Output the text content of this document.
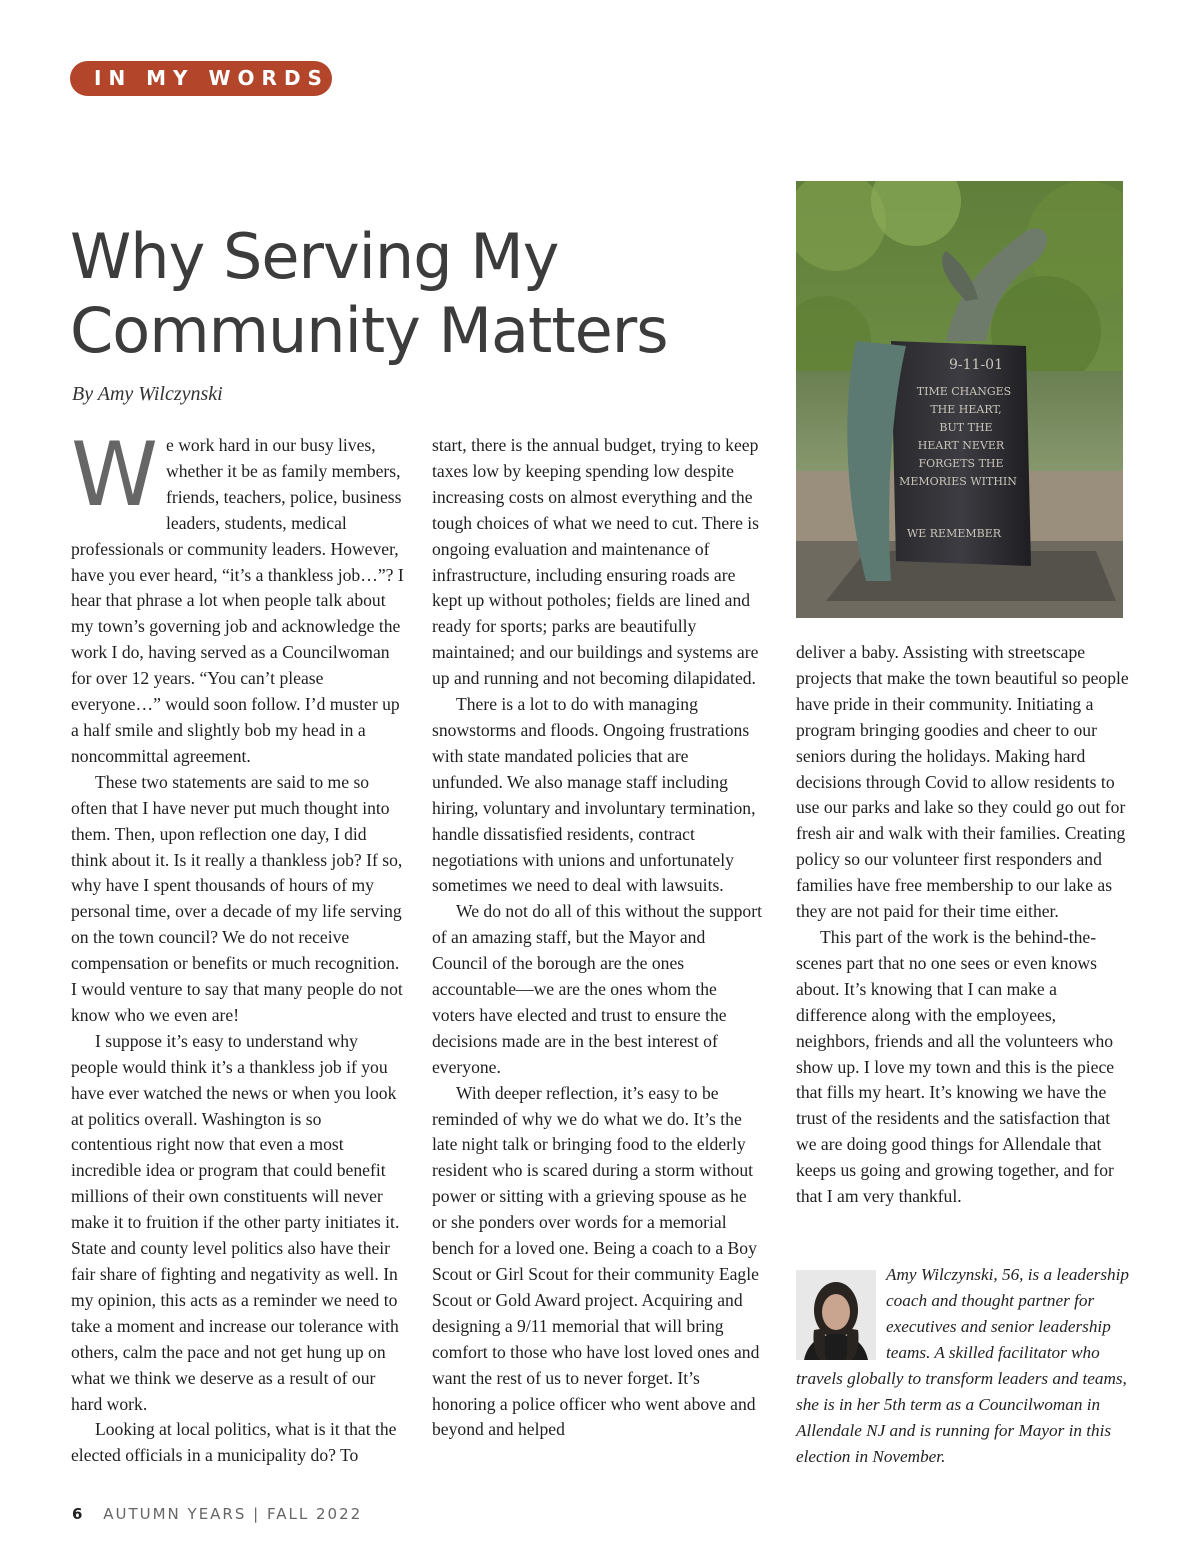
IN MY WORDS
Why Serving My Community Matters

By Amy Wilczynski

We work hard in our busy lives, whether it be as family members, friends, teachers, police, business leaders, students, medical professionals or community leaders. However, have you ever heard, “it’s a thankless job…”? I hear that phrase a lot when people talk about my town’s governing job and acknowledge the work I do, having served as a Councilwoman for over 12 years. “You can’t please everyone…” would soon follow. I’d muster up a half smile and slightly bob my head in a noncommittal agreement.

These two statements are said to me so often that I have never put much thought into them. Then, upon reflection one day, I did think about it. Is it really a thankless job? If so, why have I spent thousands of hours of my personal time, over a decade of my life serving on the town council? We do not receive compensation or benefits or much recognition. I would venture to say that many people do not know who we even are!

I suppose it’s easy to understand why people would think it’s a thankless job if you have ever watched the news or when you look at politics overall. Washington is so contentious right now that even a most incredible idea or program that could benefit millions of their own constituents will never make it to fruition if the other party initiates it. State and county level politics also have their fair share of fighting and negativity as well. In my opinion, this acts as a reminder we need to take a moment and increase our tolerance with others, calm the pace and not get hung up on what we think we deserve as a result of our hard work.

Looking at local politics, what is it that the elected officials in a municipality do? To

start, there is the annual budget, trying to keep taxes low by keeping spending low despite increasing costs on almost everything and the tough choices of what we need to cut. There is ongoing evaluation and maintenance of infrastructure, including ensuring roads are kept up without potholes; fields are lined and ready for sports; parks are beautifully maintained; and our buildings and systems are up and running and not becoming dilapidated.

There is a lot to do with managing snowstorms and floods. Ongoing frustrations with state mandated policies that are unfunded. We also manage staff including hiring, voluntary and involuntary termination, handle dissatisfied residents, contract negotiations with unions and unfortunately sometimes we need to deal with lawsuits.

We do not do all of this without the support of an amazing staff, but the Mayor and Council of the borough are the ones accountable—we are the ones whom the voters have elected and trust to ensure the decisions made are in the best interest of everyone.

With deeper reflection, it’s easy to be reminded of why we do what we do. It’s the late night talk or bringing food to the elderly resident who is scared during a storm without power or sitting with a grieving spouse as he or she ponders over words for a memorial bench for a loved one. Being a coach to a Boy Scout or Girl Scout for their community Eagle Scout or Gold Award project. Acquiring and designing a 9/11 memorial that will bring comfort to those who have lost loved ones and want the rest of us to never forget. It’s honoring a police officer who went above and beyond and helped

9-11-01
TIME CHANGES
THE HEART,
BUT THE
HEART NEVER
FORGETS THE
MEMORIES WITHIN
WE REMEMBER

deliver a baby. Assisting with streetscape projects that make the town beautiful so people have pride in their community. Initiating a program bringing goodies and cheer to our seniors during the holidays. Making hard decisions through Covid to allow residents to use our parks and lake so they could go out for fresh air and walk with their families. Creating policy so our volunteer first responders and families have free membership to our lake as they are not paid for their time either.

This part of the work is the behind-the-scenes part that no one sees or even knows about. It’s knowing that I can make a difference along with the employees, neighbors, friends and all the volunteers who show up. I love my town and this is the piece that fills my heart. It’s knowing we have the trust of the residents and the satisfaction that we are doing good things for Allendale that keeps us going and growing together, and for that I am very thankful.

Amy Wilczynski, 56, is a leadership coach and thought partner for executives and senior leadership teams. A skilled facilitator who travels globally to transform leaders and teams, she is in her 5th term as a Councilwoman in Allendale NJ and is running for Mayor in this election in November.

6 AUTUMN YEARS | FALL 2022
